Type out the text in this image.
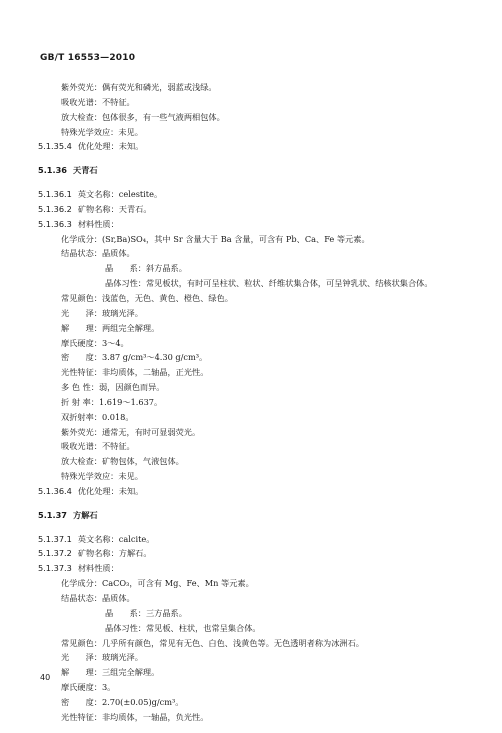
GB/T 16553—2010
紫外荧光：偶有荧光和磷光，弱蓝或浅绿。
吸收光谱：不特征。
放大检查：包体很多，有一些气液两相包体。
特殊光学效应：未见。
5.1.35.4 优化处理：未知。
5.1.36 天青石
5.1.36.1 英文名称：celestite。
5.1.36.2 矿物名称：天青石。
5.1.36.3 材料性质：
化学成分：(Sr,Ba)SO₄，其中 Sr 含量大于 Ba 含量，可含有 Pb、Ca、Fe 等元素。
结晶状态：晶质体。
晶　　系：斜方晶系。
晶体习性：常见板状，有时可呈柱状、粒状、纤维状集合体，可呈钟乳状、结核状集合体。
常见颜色：浅蓝色，无色、黄色、橙色、绿色。
光　　泽：玻璃光泽。
解　　理：两组完全解理。
摩氏硬度：3～4。
密　　度：3.87 g/cm³～4.30 g/cm³。
光性特征：非均质体，二轴晶，正光性。
多 色 性：弱，因颜色而异。
折 射 率：1.619～1.637。
双折射率：0.018。
紫外荧光：通常无，有时可显弱荧光。
吸收光谱：不特征。
放大检查：矿物包体，气液包体。
特殊光学效应：未见。
5.1.36.4 优化处理：未知。
5.1.37 方解石
5.1.37.1 英文名称：calcite。
5.1.37.2 矿物名称：方解石。
5.1.37.3 材料性质：
化学成分：CaCO₃，可含有 Mg、Fe、Mn 等元素。
结晶状态：晶质体。
晶　　系：三方晶系。
晶体习性：常见板、柱状，也常呈集合体。
常见颜色：几乎所有颜色，常见有无色、白色、浅黄色等。无色透明者称为冰洲石。
光　　泽：玻璃光泽。
解　　理：三组完全解理。
摩氏硬度：3。
密　　度：2.70(±0.05)g/cm³。
光性特征：非均质体，一轴晶，负光性。
40
